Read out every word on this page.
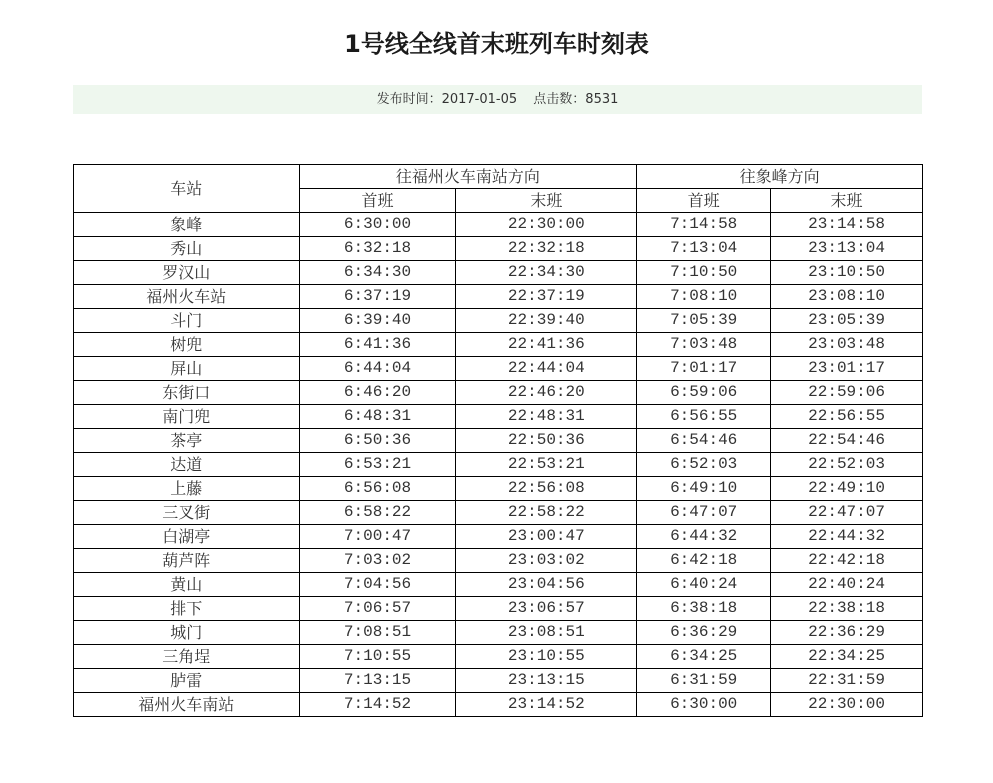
1号线全线首末班列车时刻表
发布时间：2017-01-05 点击数：8531
车站	往福州火车南站方向		往象峰方向	
	首班	末班	首班	末班
象峰	6:30:00	22:30:00	7:14:58	23:14:58
秀山	6:32:18	22:32:18	7:13:04	23:13:04
罗汉山	6:34:30	22:34:30	7:10:50	23:10:50
福州火车站	6:37:19	22:37:19	7:08:10	23:08:10
斗门	6:39:40	22:39:40	7:05:39	23:05:39
树兜	6:41:36	22:41:36	7:03:48	23:03:48
屏山	6:44:04	22:44:04	7:01:17	23:01:17
东街口	6:46:20	22:46:20	6:59:06	22:59:06
南门兜	6:48:31	22:48:31	6:56:55	22:56:55
茶亭	6:50:36	22:50:36	6:54:46	22:54:46
达道	6:53:21	22:53:21	6:52:03	22:52:03
上藤	6:56:08	22:56:08	6:49:10	22:49:10
三叉街	6:58:22	22:58:22	6:47:07	22:47:07
白湖亭	7:00:47	23:00:47	6:44:32	22:44:32
葫芦阵	7:03:02	23:03:02	6:42:18	22:42:18
黄山	7:04:56	23:04:56	6:40:24	22:40:24
排下	7:06:57	23:06:57	6:38:18	22:38:18
城门	7:08:51	23:08:51	6:36:29	22:36:29
三角埕	7:10:55	23:10:55	6:34:25	22:34:25
胪雷	7:13:15	23:13:15	6:31:59	22:31:59
福州火车南站	7:14:52	23:14:52	6:30:00	22:30:00
